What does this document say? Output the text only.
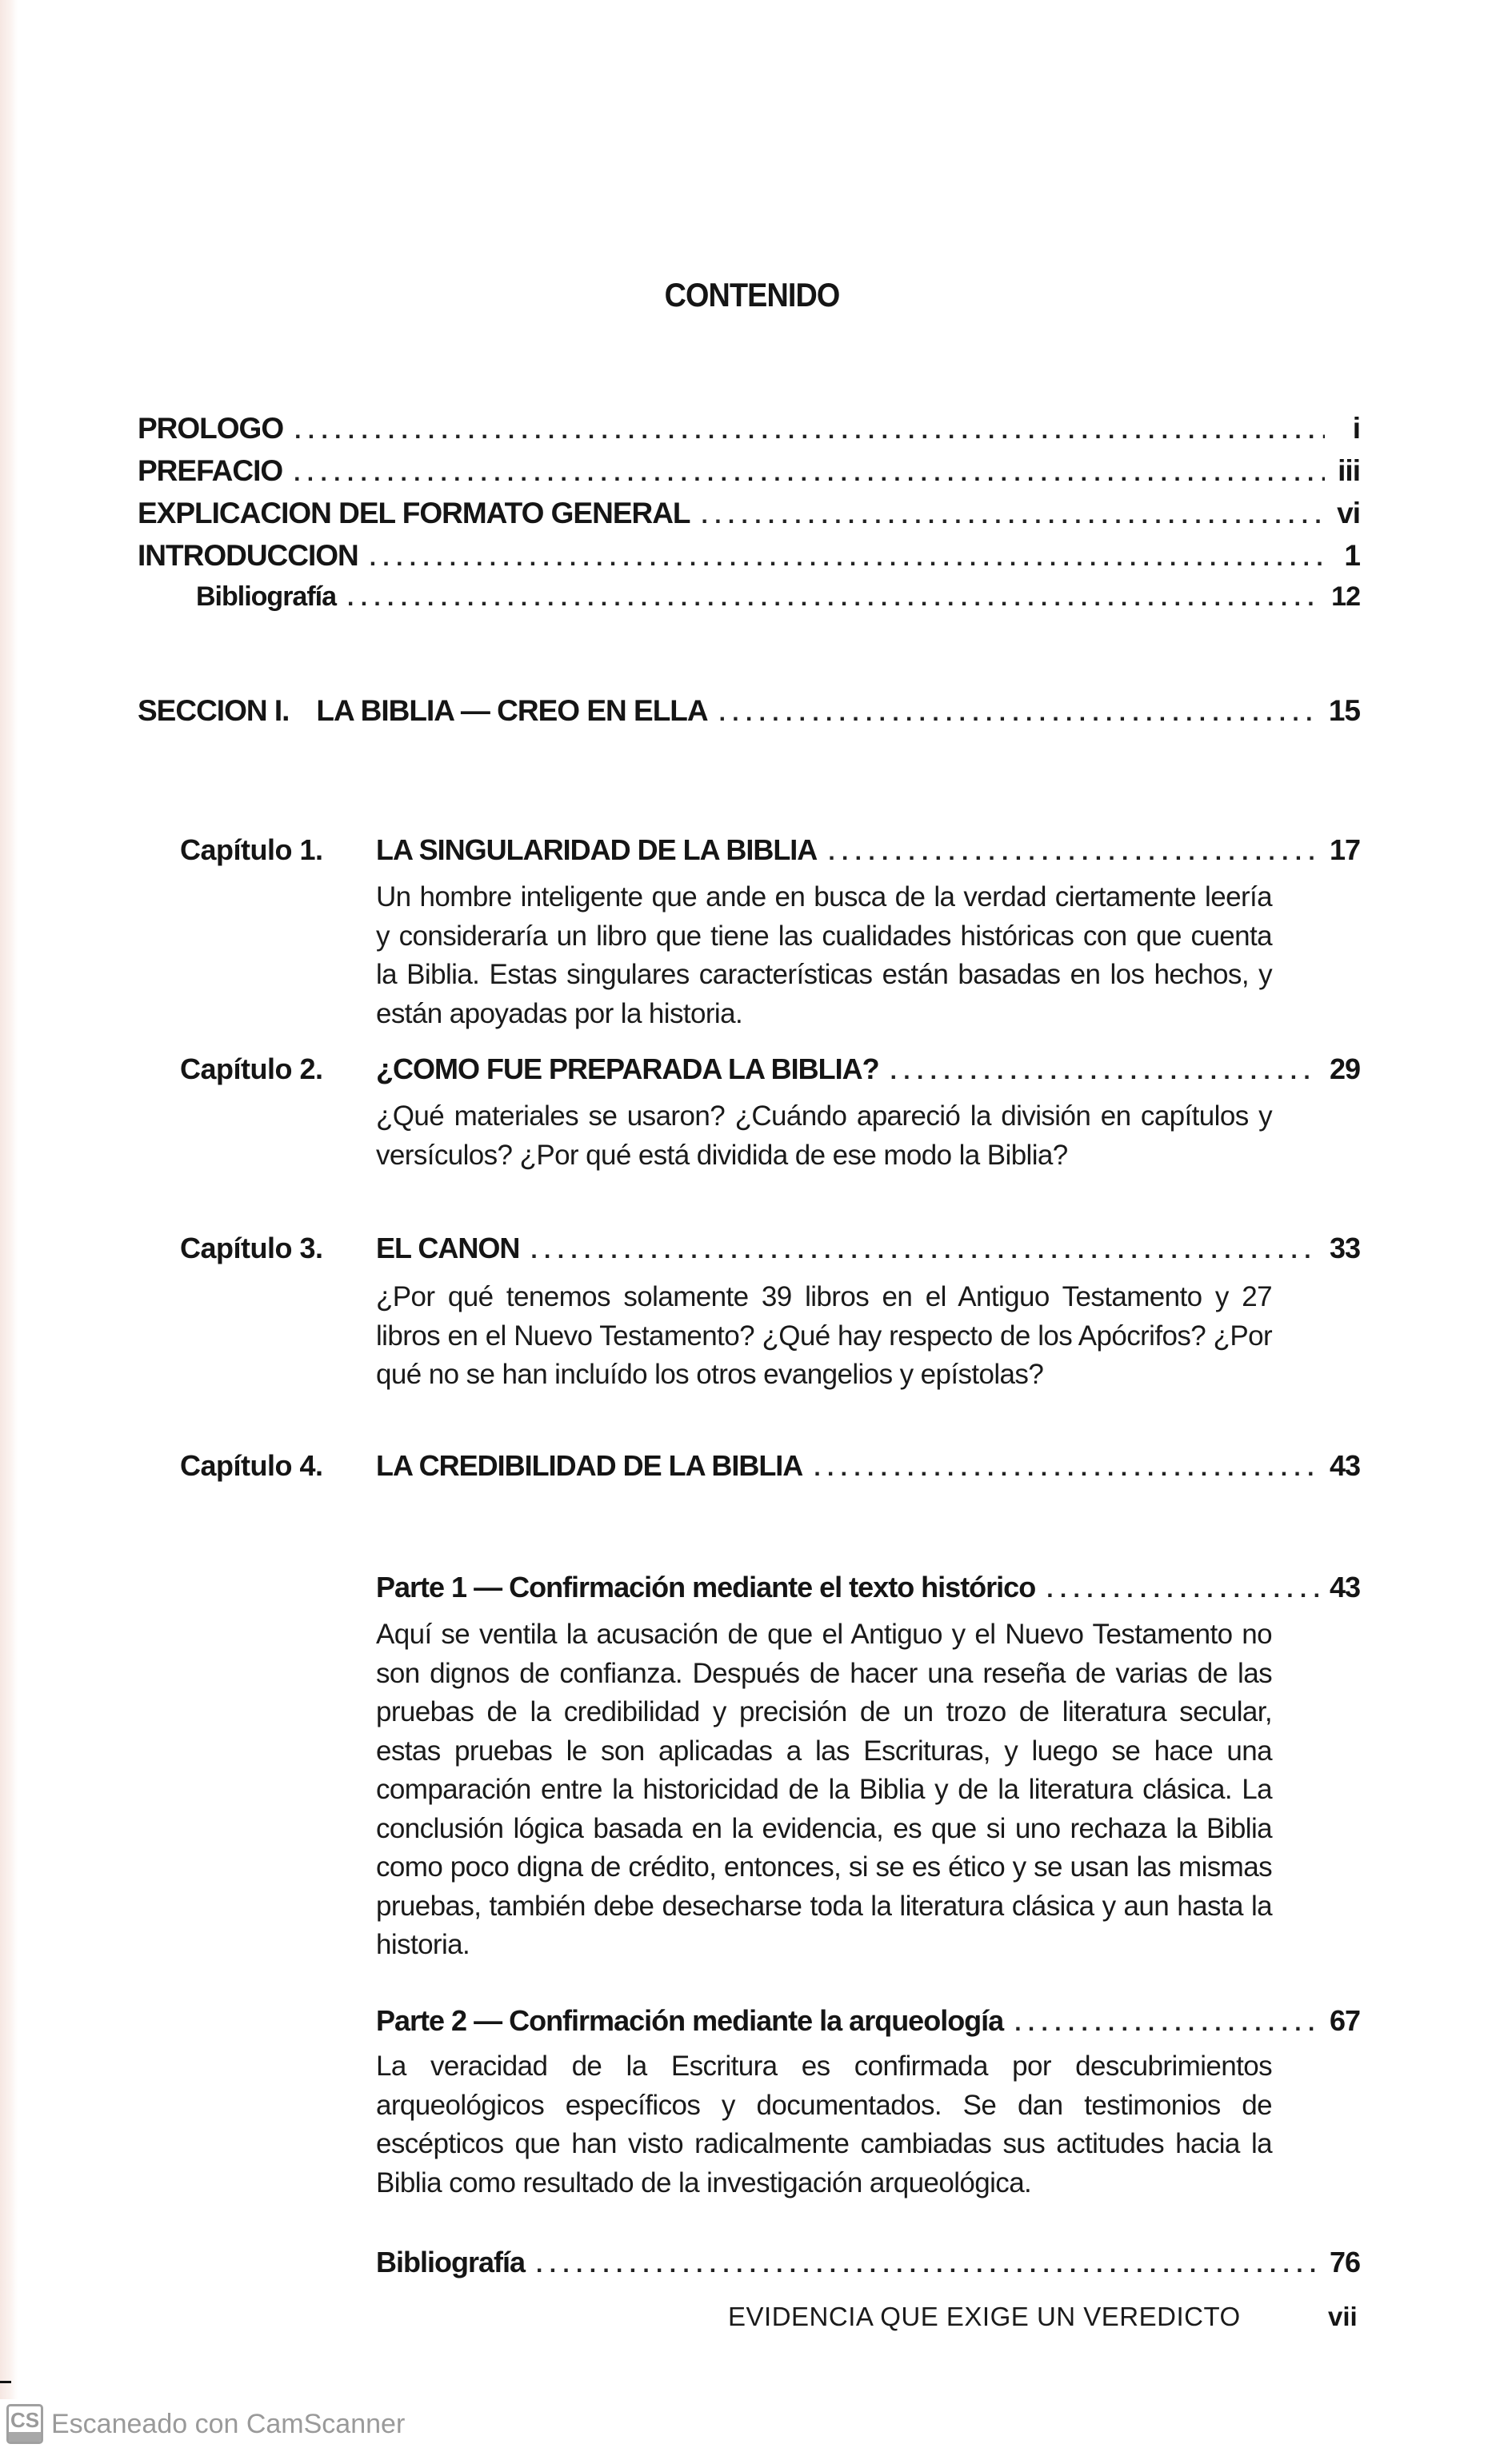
CONTENIDO
PROLOGO . . .	i
PREFACIO . . .	iii
EXPLICACION DEL FORMATO GENERAL . . .	vi
INTRODUCCION . . .	1
Bibliografía . . .	12
SECCION I. LA BIBLIA — CREO EN ELLA . . .	15
Capítulo 1. LA SINGULARIDAD DE LA BIBLIA . . .	17
Un hombre inteligente que ande en busca de la verdad ciertamente leería y consideraría un libro que tiene las cualidades históricas con que cuenta la Biblia. Estas singulares características están basadas en los hechos, y están apoyadas por la historia.
Capítulo 2. ¿COMO FUE PREPARADA LA BIBLIA? . . .	29
¿Qué materiales se usaron? ¿Cuándo apareció la división en capítulos y versículos? ¿Por qué está dividida de ese modo la Biblia?
Capítulo 3. EL CANON . . .	33
¿Por qué tenemos solamente 39 libros en el Antiguo Testamento y 27 libros en el Nuevo Testamento? ¿Qué hay respecto de los Apócrifos? ¿Por qué no se han incluído los otros evangelios y epístolas?
Capítulo 4. LA CREDIBILIDAD DE LA BIBLIA . . .	43
Parte 1 — Confirmación mediante el texto histórico . . .	43
Aquí se ventila la acusación de que el Antiguo y el Nuevo Testamento no son dignos de confianza. Después de hacer una reseña de varias de las pruebas de la credibilidad y precisión de un trozo de literatura secular, estas pruebas le son aplicadas a las Escrituras, y luego se hace una comparación entre la historicidad de la Biblia y de la literatura clásica. La conclusión lógica basada en la evidencia, es que si uno rechaza la Biblia como poco digna de crédito, entonces, si se es ético y se usan las mismas pruebas, también debe desecharse toda la literatura clásica y aun hasta la historia.
Parte 2 — Confirmación mediante la arqueología . . .	67
La veracidad de la Escritura es confirmada por descubrimientos arqueológicos específicos y documentados. Se dan testimonios de escépticos que han visto radicalmente cambiadas sus actitudes hacia la Biblia como resultado de la investigación arqueológica.
Bibliografía . . .	76
EVIDENCIA QUE EXIGE UN VEREDICTO	vii
CS Escaneado con CamScanner
